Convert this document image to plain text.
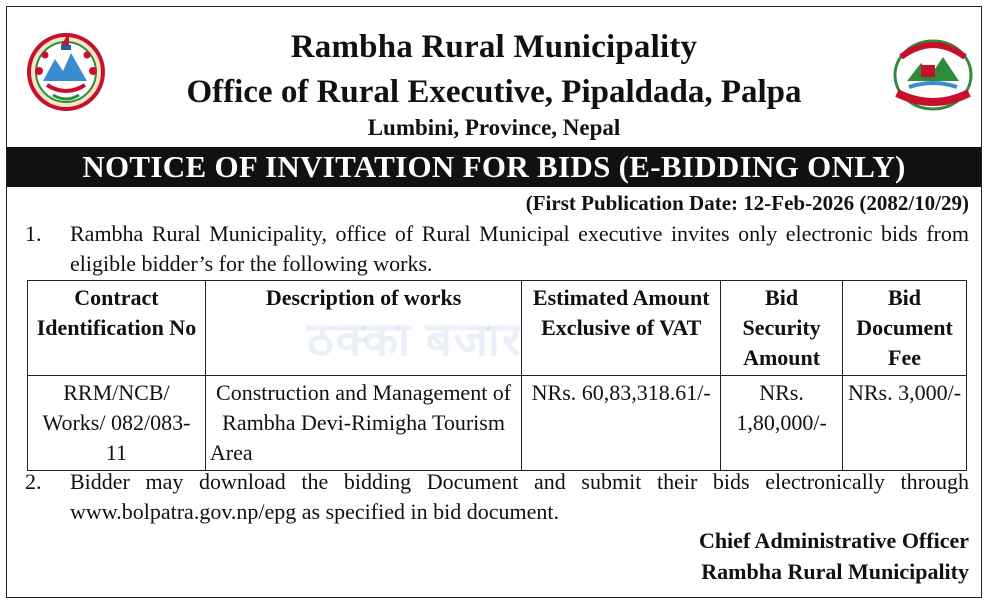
Rambha Rural Municipality
Office of Rural Executive, Pipaldada, Palpa
Lumbini, Province, Nepal
NOTICE OF INVITATION FOR BIDS (E-BIDDING ONLY)
(First Publication Date: 12-Feb-2026 (2082/10/29)
1.	Rambha Rural Municipality, office of Rural Municipal executive invites only electronic bids from eligible bidder’s for the following works.
Contract Identification No	Description of works	Estimated Amount Exclusive of VAT	Bid Security Amount	Bid Document Fee
RRM/NCB/ Works/ 082/083-11	Construction and Management of Rambha Devi-Rimigha Tourism Area	NRs. 60,83,318.61/-	NRs. 1,80,000/-	NRs. 3,000/-
ठक्का बजार
2.	Bidder may download the bidding Document and submit their bids electronically through www.bolpatra.gov.np/epg as specified in bid document.
Chief Administrative Officer
Rambha Rural Municipality
